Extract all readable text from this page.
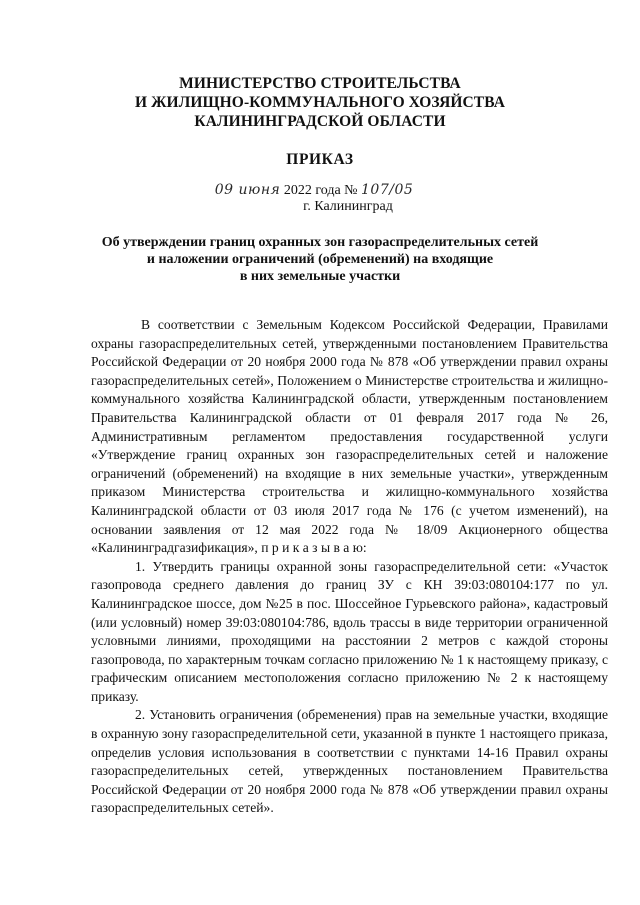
МИНИСТЕРСТВО СТРОИТЕЛЬСТВА
И ЖИЛИЩНО-КОММУНАЛЬНОГО ХОЗЯЙСТВА
КАЛИНИНГРАДСКОЙ ОБЛАСТИ
ПРИКАЗ
09 июня 2022 года № 107/05
г. Калининград
Об утверждении границ охранных зон газораспределительных сетей
и наложении ограничений (обременений) на входящие
в них земельные участки

В соответствии с Земельным Кодексом Российской Федерации, Правилами охраны газораспределительных сетей, утвержденными постановлением Правительства Российской Федерации от 20 ноября 2000 года № 878 «Об утверждении правил охраны газораспределительных сетей», Положением о Министерстве строительства и жилищно-коммунального хозяйства Калининградской области, утвержденным постановлением Правительства Калининградской области от 01 февраля 2017 года № 26, Административным регламентом предоставления государственной услуги «Утверждение границ охранных зон газораспределительных сетей и наложение ограничений (обременений) на входящие в них земельные участки», утвержденным приказом Министерства строительства и жилищно-коммунального хозяйства Калининградской области от 03 июля 2017 года № 176 (с учетом изменений), на основании заявления от 12 мая 2022 года № 18/09 Акционерного общества «Калининградгазификация», п р и к а з ы в а ю:

1. Утвердить границы охранной зоны газораспределительной сети: «Участок газопровода среднего давления до границ ЗУ с КН 39:03:080104:177 по ул. Калининградское шоссе, дом №25 в пос. Шоссейное Гурьевского района», кадастровый (или условный) номер 39:03:080104:786, вдоль трассы в виде территории ограниченной условными линиями, проходящими на расстоянии 2 метров с каждой стороны газопровода, по характерным точкам согласно приложению № 1 к настоящему приказу, с графическим описанием местоположения согласно приложению № 2 к настоящему приказу.

2. Установить ограничения (обременения) прав на земельные участки, входящие в охранную зону газораспределительной сети, указанной в пункте 1 настоящего приказа, определив условия использования в соответствии с пунктами 14-16 Правил охраны газораспределительных сетей, утвержденных постановлением Правительства Российской Федерации от 20 ноября 2000 года № 878 «Об утверждении правил охраны газораспределительных сетей».
